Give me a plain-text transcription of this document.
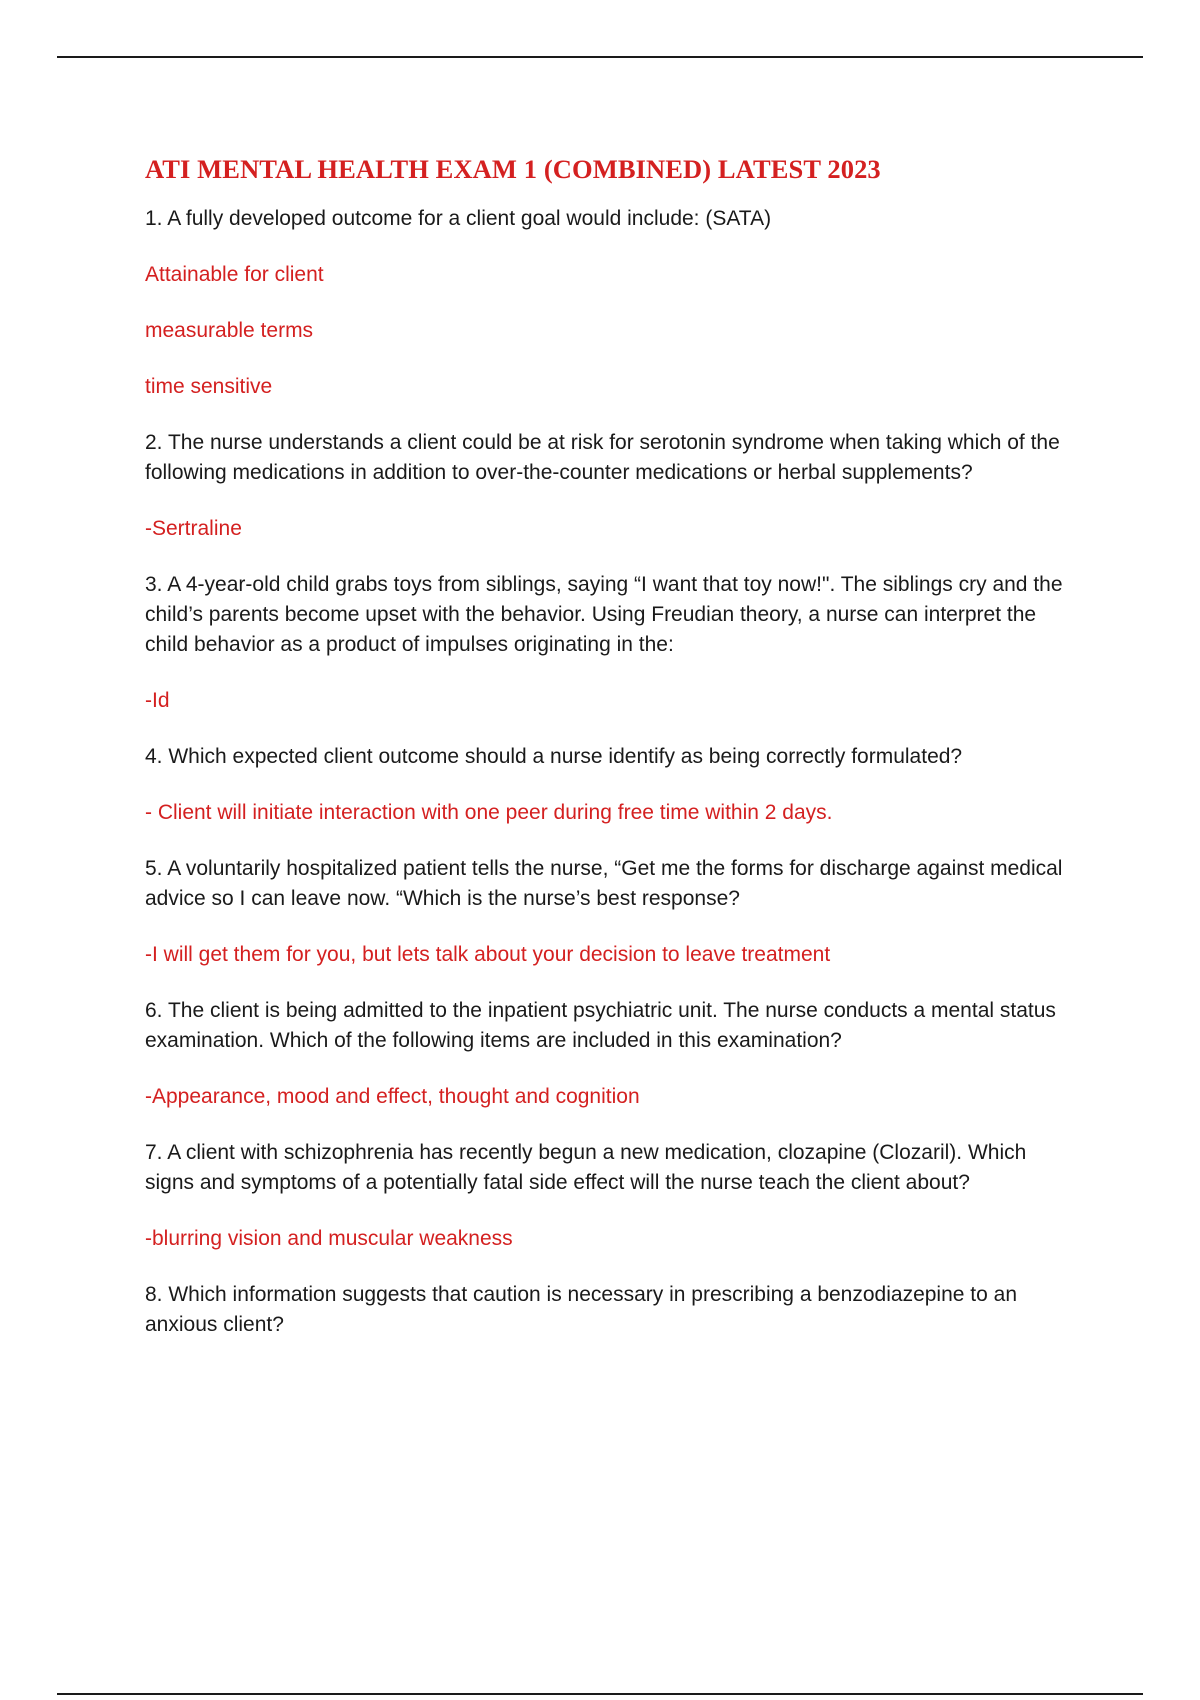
ATI MENTAL HEALTH EXAM 1 (COMBINED) LATEST 2023

1. A fully developed outcome for a client goal would include: (SATA)

Attainable for client

measurable terms

time sensitive

2. The nurse understands a client could be at risk for serotonin syndrome when taking which of the following medications in addition to over-the-counter medications or herbal supplements?

-Sertraline

3. A 4-year-old child grabs toys from siblings, saying “I want that toy now!". The siblings cry and the child’s parents become upset with the behavior. Using Freudian theory, a nurse can interpret the child behavior as a product of impulses originating in the:

-Id

4. Which expected client outcome should a nurse identify as being correctly formulated?

- Client will initiate interaction with one peer during free time within 2 days.

5. A voluntarily hospitalized patient tells the nurse, “Get me the forms for discharge against medical advice so I can leave now. “Which is the nurse’s best response?

-I will get them for you, but lets talk about your decision to leave treatment

6. The client is being admitted to the inpatient psychiatric unit. The nurse conducts a mental status examination. Which of the following items are included in this examination?

-Appearance, mood and effect, thought and cognition

7. A client with schizophrenia has recently begun a new medication, clozapine (Clozaril). Which signs and symptoms of a potentially fatal side effect will the nurse teach the client about?

-blurring vision and muscular weakness

8. Which information suggests that caution is necessary in prescribing a benzodiazepine to an anxious client?
